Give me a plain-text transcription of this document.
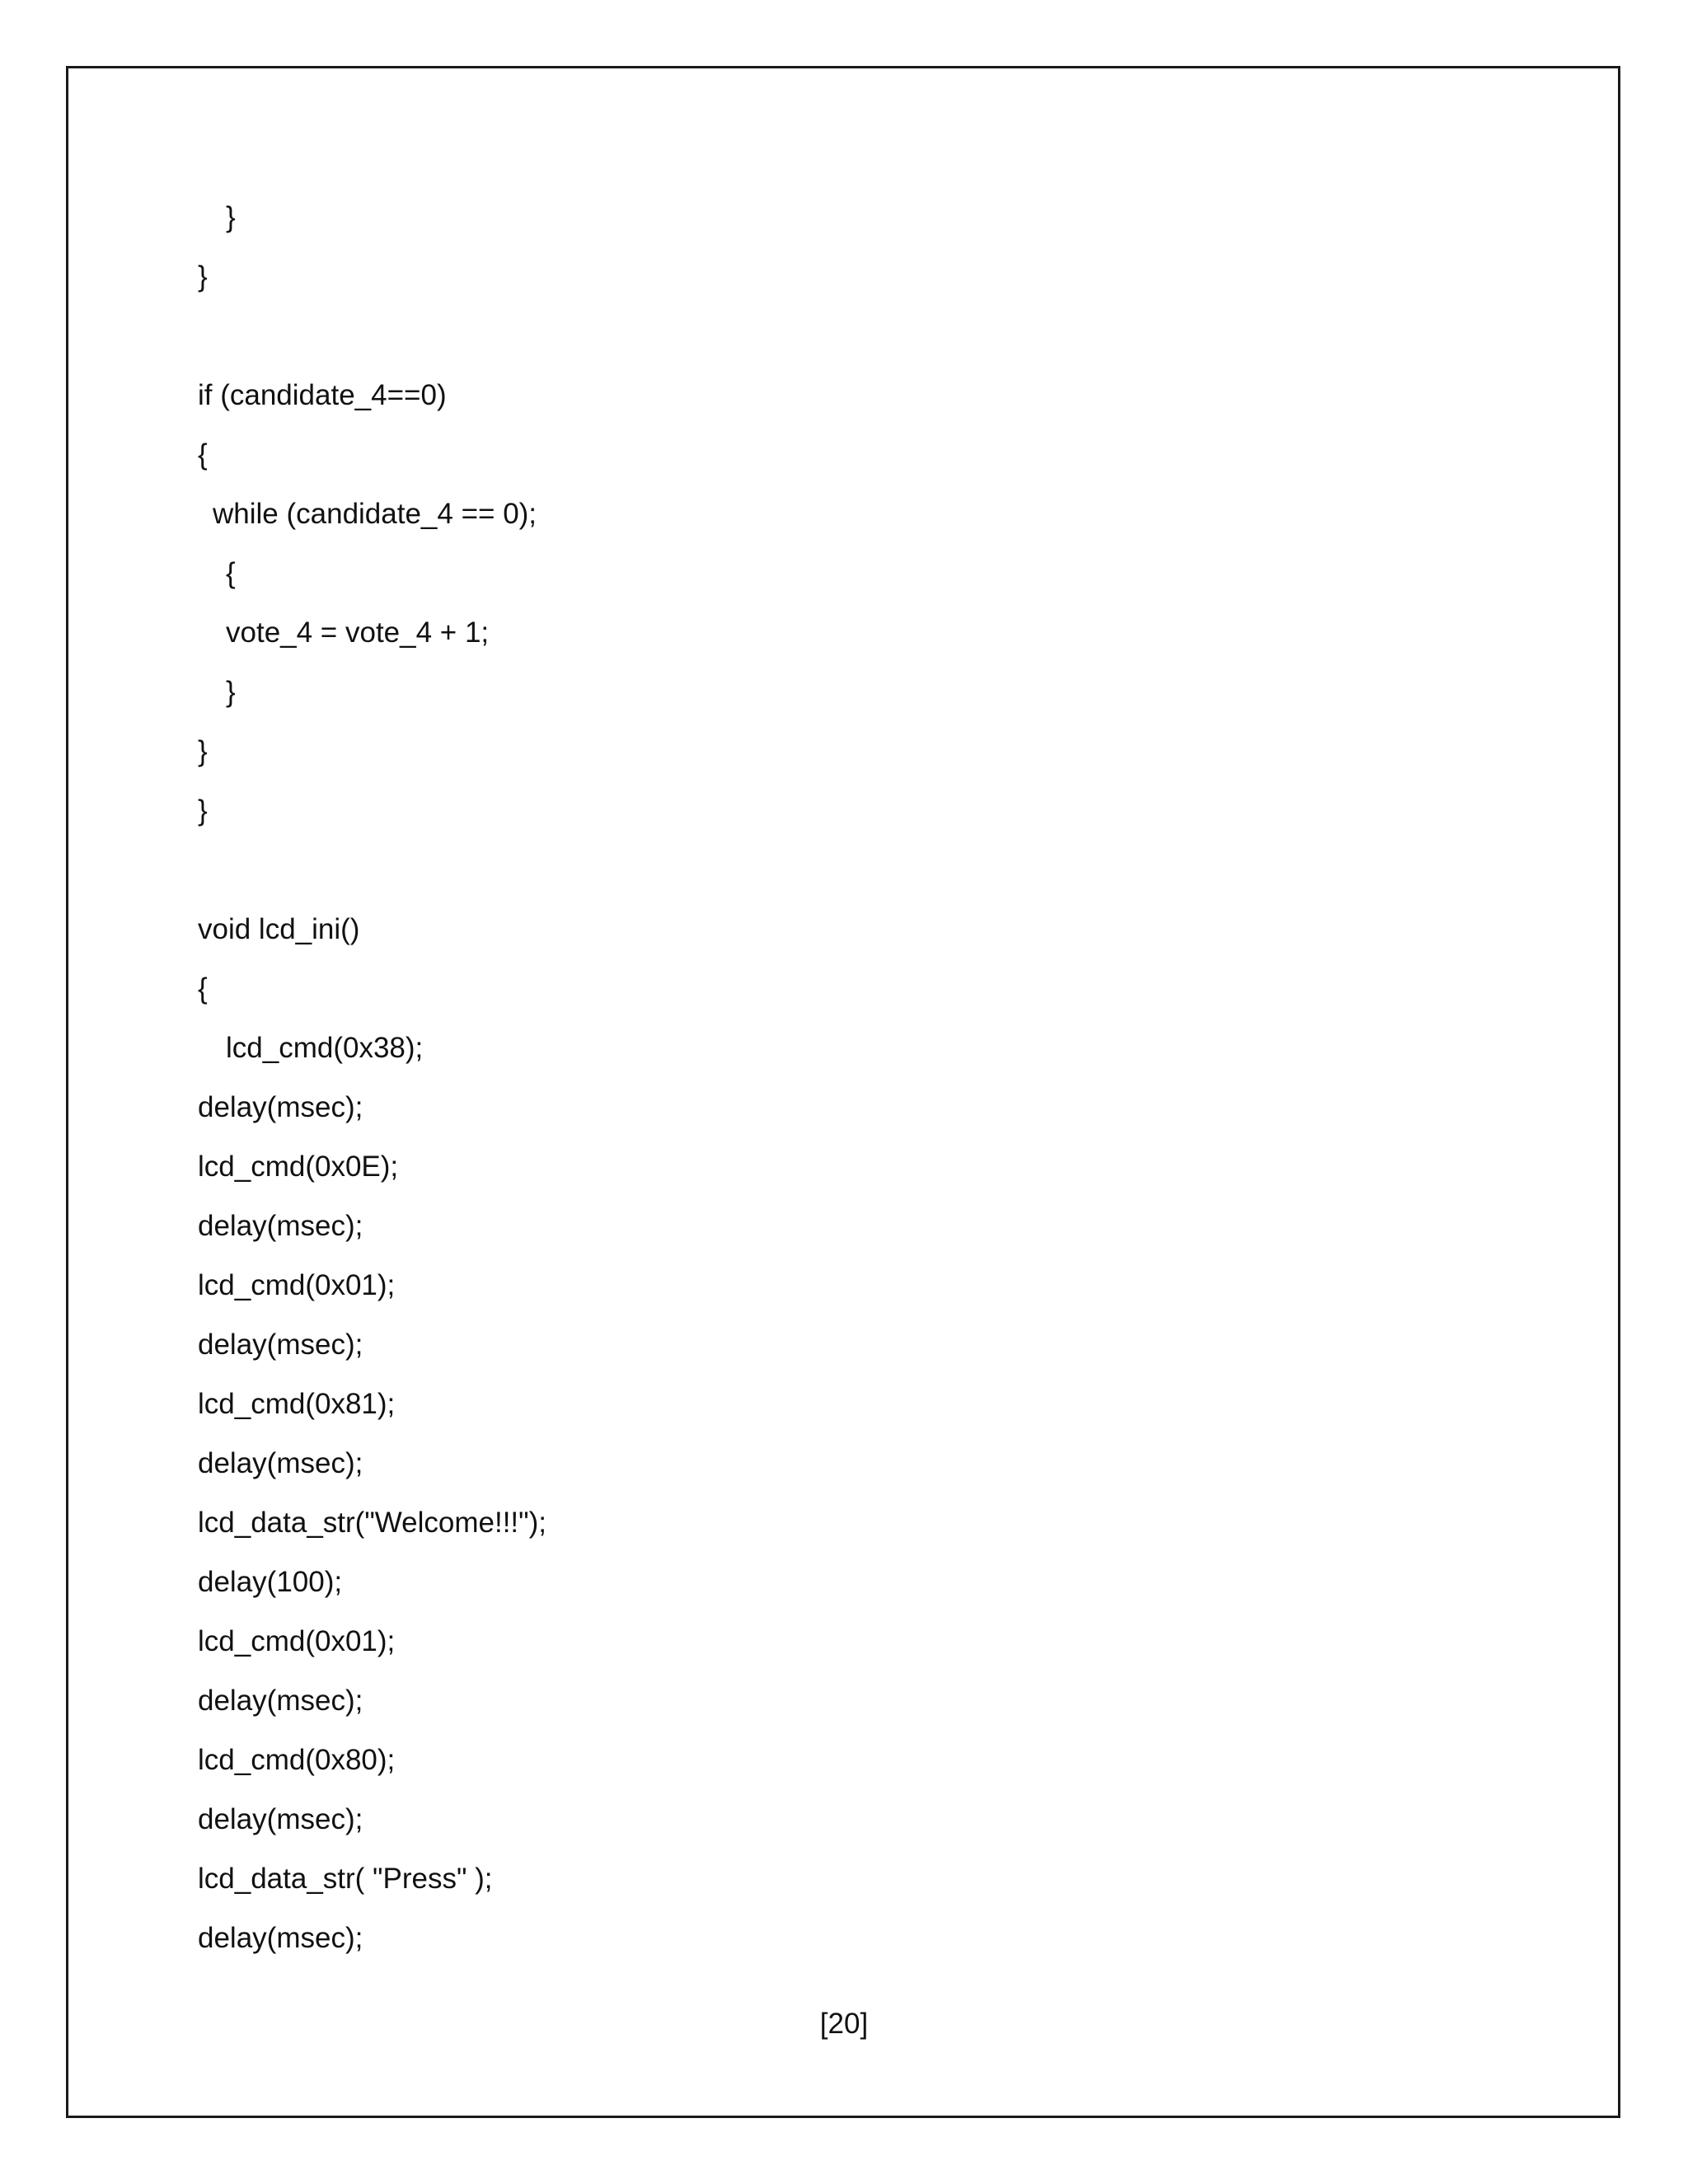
}
}
if (candidate_4==0)
{
while (candidate_4 == 0);
{
vote_4 = vote_4 + 1;
}
}
}
void lcd_ini()
{
lcd_cmd(0x38);
delay(msec);
lcd_cmd(0x0E);
delay(msec);
lcd_cmd(0x01);
delay(msec);
lcd_cmd(0x81);
delay(msec);
lcd_data_str("Welcome!!!");
delay(100);
lcd_cmd(0x01);
delay(msec);
lcd_cmd(0x80);
delay(msec);
lcd_data_str( "Press" );
delay(msec);
[20]
